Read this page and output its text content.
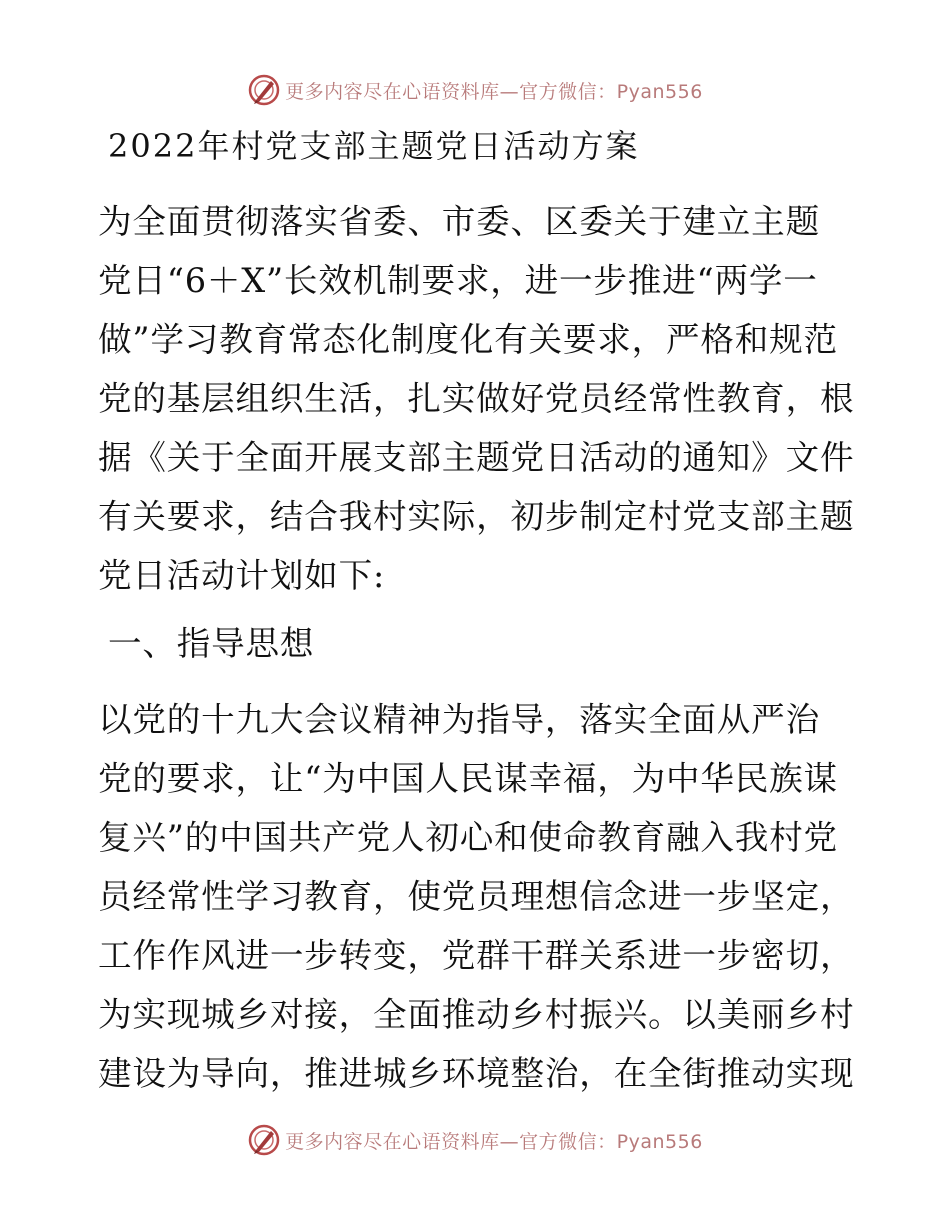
更多内容尽在心语资料库—官方微信：Pyan556
2022年村党支部主题党日活动方案
为全面贯彻落实省委、市委、区委关于建立主题
党日“6＋X”长效机制要求，进一步推进“两学一
做”学习教育常态化制度化有关要求，严格和规范
党的基层组织生活，扎实做好党员经常性教育，根
据《关于全面开展支部主题党日活动的通知》文件
有关要求，结合我村实际，初步制定村党支部主题
党日活动计划如下:
一、指导思想
以党的十九大会议精神为指导，落实全面从严治
党的要求，让“为中国人民谋幸福，为中华民族谋
复兴”的中国共产党人初心和使命教育融入我村党
员经常性学习教育，使党员理想信念进一步坚定，
工作作风进一步转变，党群干群关系进一步密切，
为实现城乡对接，全面推动乡村振兴。以美丽乡村
建设为导向，推进城乡环境整治，在全街推动实现
更多内容尽在心语资料库—官方微信：Pyan556
